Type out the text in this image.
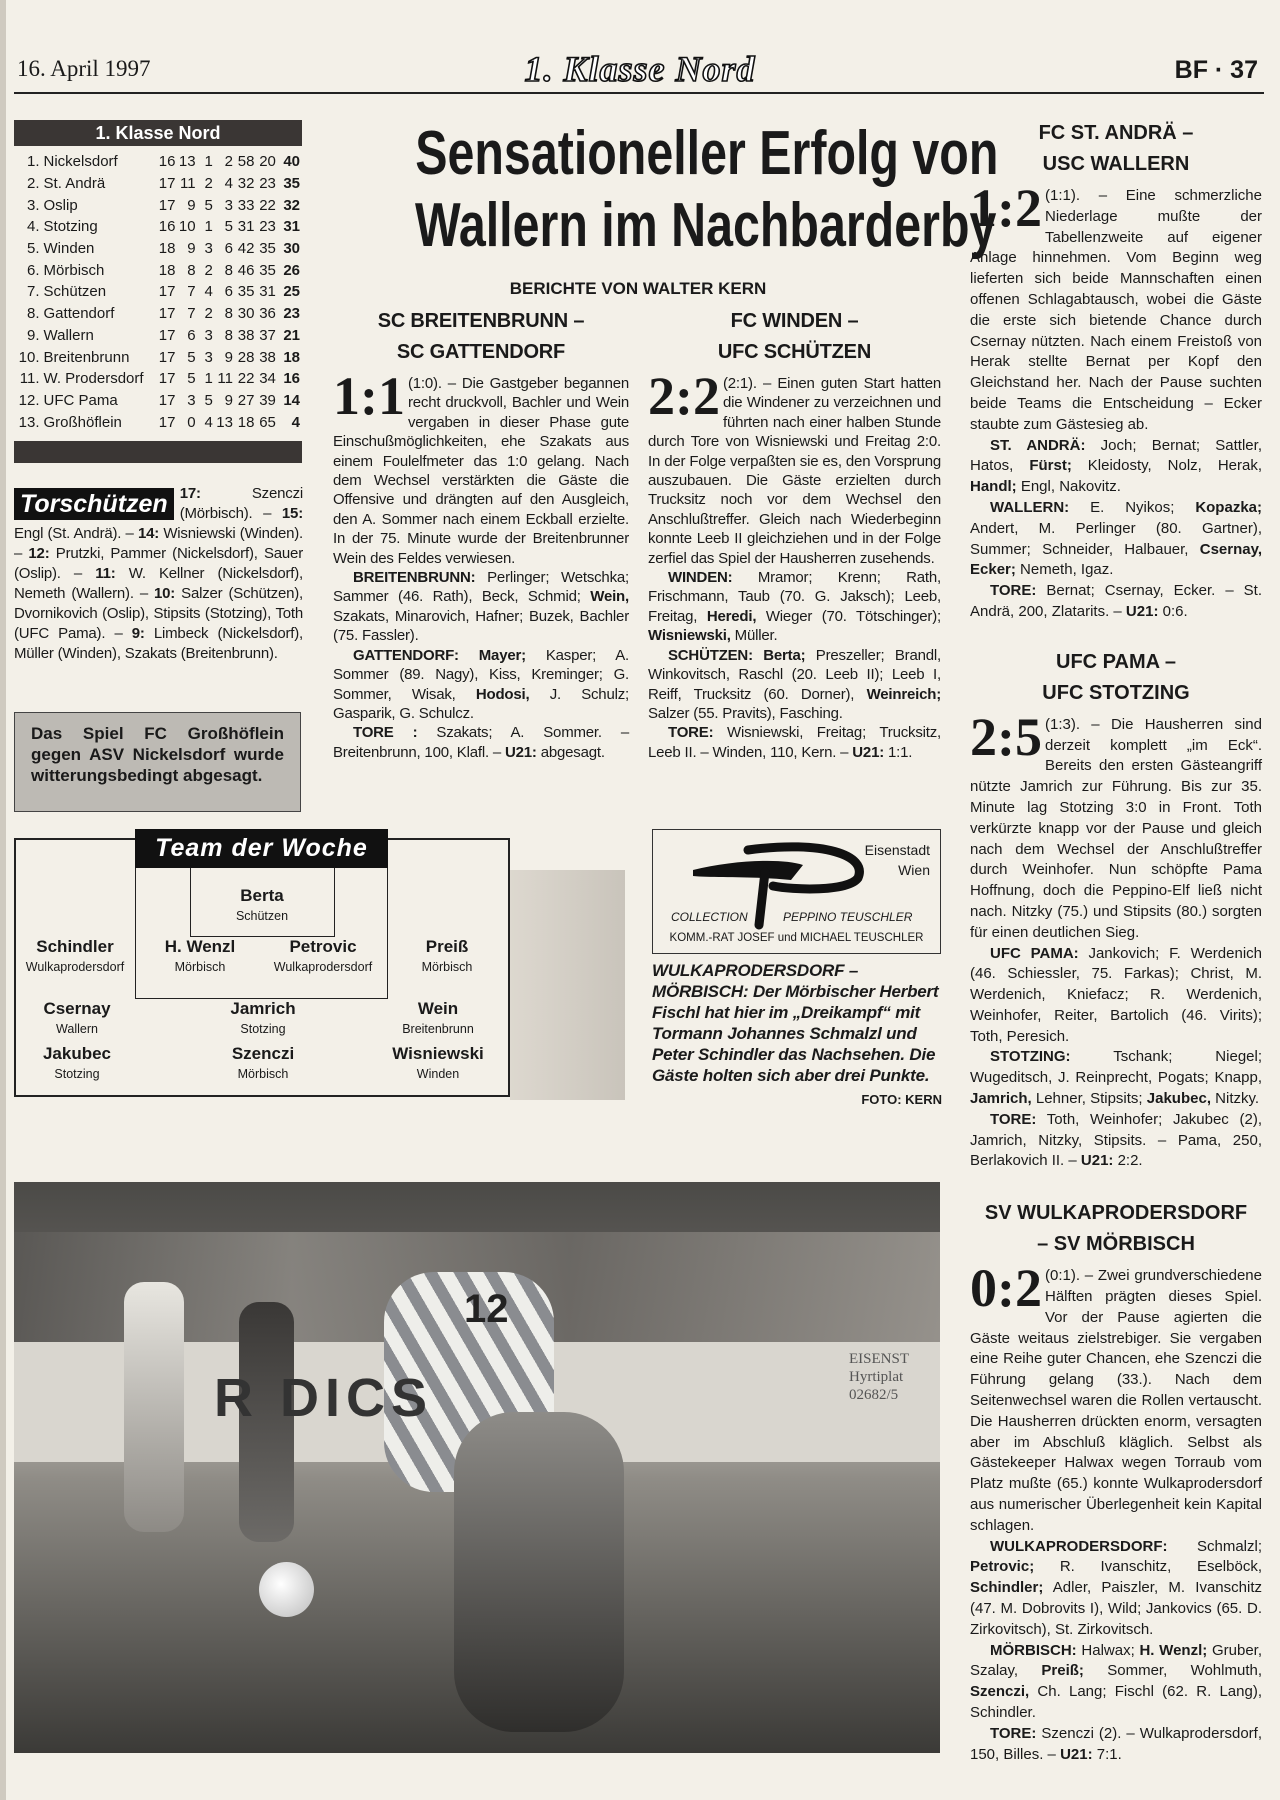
16. April 1997	1. Klasse Nord	BF · 37
1. Klasse Nord
1.	Nickelsdorf	16	13	1	2	58	20	40
2.	St. Andrä	17	11	2	4	32	23	35
3.	Oslip	17	9	5	3	33	22	32
4.	Stotzing	16	10	1	5	31	23	31
5.	Winden	18	9	3	6	42	35	30
6.	Mörbisch	18	8	2	8	46	35	26
7.	Schützen	17	7	4	6	35	31	25
8.	Gattendorf	17	7	2	8	30	36	23
9.	Wallern	17	6	3	8	38	37	21
10.	Breitenbrunn	17	5	3	9	28	38	18
11.	W. Prodersdorf	17	5	1	11	22	34	16
12.	UFC Pama	17	3	5	9	27	39	14
13.	Großhöflein	17	0	4	13	18	65	4
Torschützen 17: Szenczi (Mörbisch). – 15: Engl (St. Andrä). – 14: Wisniewski (Winden). – 12: Prutzki, Pammer (Nickelsdorf), Sauer (Oslip). – 11: W. Kellner (Nickelsdorf), Nemeth (Wallern). – 10: Salzer (Schützen), Dvornikovich (Oslip), Stipsits (Stotzing), Toth (UFC Pama). – 9: Limbeck (Nickelsdorf), Müller (Winden), Szakats (Breitenbrunn).
Das Spiel FC Großhöflein gegen ASV Nickelsdorf wurde witterungsbedingt abgesagt.
Sensationeller Erfolg von
Wallern im Nachbarderby
BERICHTE VON WALTER KERN
SC BREITENBRUNN –
SC GATTENDORF

1:1 (1:0). – Die Gastgeber begannen recht druckvoll, Bachler und Wein vergaben in dieser Phase gute Einschußmöglichkeiten, ehe Szakats aus einem Foulelfmeter das 1:0 gelang. Nach dem Wechsel verstärkten die Gäste die Offensive und drängten auf den Ausgleich, den A. Sommer nach einem Eckball erzielte. In der 75. Minute wurde der Breitenbrunner Wein des Feldes verwiesen.

BREITENBRUNN: Perlinger; Wetschka; Sammer (46. Rath), Beck, Schmid; Wein, Szakats, Minarovich, Hafner; Buzek, Bachler (75. Fassler).

GATTENDORF: Mayer; Kasper; A. Sommer (89. Nagy), Kiss, Kreminger; G. Sommer, Wisak, Hodosi, J. Schulz; Gasparik, G. Schulcz.

TORE : Szakats; A. Sommer. – Breitenbrunn, 100, Klafl. – U21: abgesagt.

FC WINDEN –
UFC SCHÜTZEN

2:2 (2:1). – Einen guten Start hatten die Windener zu verzeichnen und führten nach einer halben Stunde durch Tore von Wisniewski und Freitag 2:0. In der Folge verpaßten sie es, den Vorsprung auszubauen. Die Gäste erzielten durch Trucksitz noch vor dem Wechsel den Anschlußtreffer. Gleich nach Wiederbeginn konnte Leeb II gleichziehen und in der Folge zerfiel das Spiel der Hausherren zusehends.

WINDEN: Mramor; Krenn; Rath, Frischmann, Taub (70. G. Jaksch); Leeb, Freitag, Heredi, Wieger (70. Tötschinger); Wisniewski, Müller.

SCHÜTZEN: Berta; Preszeller; Brandl, Winkovitsch, Raschl (20. Leeb II); Leeb I, Reiff, Trucksitz (60. Dorner), Weinreich; Salzer (55. Pravits), Fasching.

TORE: Wisniewski, Freitag; Trucksitz, Leeb II. – Winden, 110, Kern. – U21: 1:1.

FC ST. ANDRÄ –
USC WALLERN

1:2 (1:1). – Eine schmerzliche Niederlage mußte der Tabellenzweite auf eigener Anlage hinnehmen. Vom Beginn weg lieferten sich beide Mannschaften einen offenen Schlagabtausch, wobei die Gäste die erste sich bietende Chance durch Csernay nützten. Nach einem Freistoß von Herak stellte Bernat per Kopf den Gleichstand her. Nach der Pause suchten beide Teams die Entscheidung – Ecker staubte zum Gästesieg ab.

ST. ANDRÄ: Joch; Bernat; Sattler, Hatos, Fürst; Kleidosty, Nolz, Herak, Handl; Engl, Nakovitz.

WALLERN: E. Nyikos; Kopazka; Andert, M. Perlinger (80. Gartner), Summer; Schneider, Halbauer, Csernay, Ecker; Nemeth, Igaz.

TORE: Bernat; Csernay, Ecker. – St. Andrä, 200, Zlatarits. – U21: 0:6.

UFC PAMA –
UFC STOTZING

2:5 (1:3). – Die Hausherren sind derzeit komplett „im Eck“. Bereits den ersten Gästeangriff nützte Jamrich zur Führung. Bis zur 35. Minute lag Stotzing 3:0 in Front. Toth verkürzte knapp vor der Pause und gleich nach dem Wechsel der Anschlußtreffer durch Weinhofer. Nun schöpfte Pama Hoffnung, doch die Peppino-Elf ließ nicht nach. Nitzky (75.) und Stipsits (80.) sorgten für einen deutlichen Sieg.

UFC PAMA: Jankovich; F. Werdenich (46. Schiessler, 75. Farkas); Christ, M. Werdenich, Kniefacz; R. Werdenich, Weinhofer, Reiter, Bartolich (46. Virits); Toth, Peresich.

STOTZING: Tschank; Niegel; Wugeditsch, J. Reinprecht, Pogats; Knapp, Jamrich, Lehner, Stipsits; Jakubec, Nitzky.

TORE: Toth, Weinhofer; Jakubec (2), Jamrich, Nitzky, Stipsits. – Pama, 250, Berlakovich II. – U21: 2:2.

SV WULKAPRODERSDORF
– SV MÖRBISCH

0:2 (0:1). – Zwei grundverschiedene Hälften prägten dieses Spiel. Vor der Pause agierten die Gäste weitaus zielstrebiger. Sie vergaben eine Reihe guter Chancen, ehe Szenczi die Führung gelang (33.). Nach dem Seitenwechsel waren die Rollen vertauscht. Die Hausherren drückten enorm, versagten aber im Abschluß kläglich. Selbst als Gästekeeper Halwax wegen Torraub vom Platz mußte (65.) konnte Wulkaprodersdorf aus numerischer Überlegenheit kein Kapital schlagen.

WULKAPRODERSDORF: Schmalzl; Petrovic; R. Ivanschitz, Eselböck, Schindler; Adler, Paiszler, M. Ivanschitz (47. M. Dobrovits I), Wild; Jankovics (65. D. Zirkovitsch), St. Zirkovitsch.

MÖRBISCH: Halwax; H. Wenzl; Gruber, Szalay, Preiß; Sommer, Wohlmuth, Szenczi, Ch. Lang; Fischl (62. R. Lang), Schindler.

TORE: Szenczi (2). – Wulkaprodersdorf, 150, Billes. – U21: 7:1.

Team der Woche
Berta
Schützen
Schindler
Wulkaprodersdorf
H. Wenzl
Mörbisch
Petrovic
Wulkaprodersdorf
Preiß
Mörbisch
Csernay
Wallern
Jamrich
Stotzing
Wein
Breitenbrunn
Jakubec
Stotzing
Szenczi
Mörbisch
Wisniewski
Winden
Eisenstadt
Wien
COLLECTION	PEPPINO TEUSCHLER
KOMM.-RAT JOSEF und MICHAEL TEUSCHLER
WULKAPRODERSDORF – MÖRBISCH: Der Mörbischer Herbert Fischl hat hier im „Dreikampf“ mit Tormann Johannes Schmalzl und Peter Schindler das Nachsehen. Die Gäste holten sich aber drei Punkte.
FOTO: KERN
R DICS
EISENST
Hyrtiplat
02682/5
12
